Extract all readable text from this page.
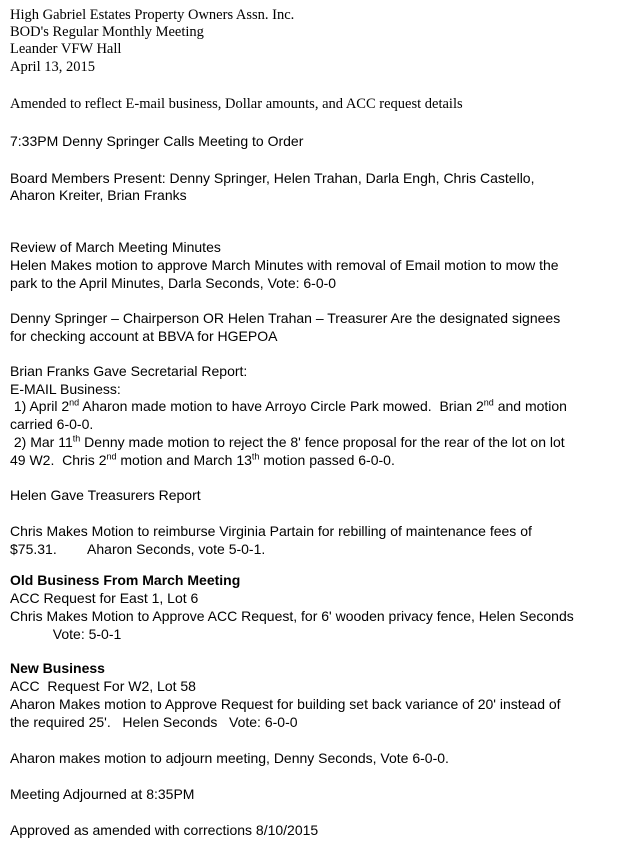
High Gabriel Estates Property Owners Assn. Inc.
BOD's Regular Monthly Meeting
Leander VFW Hall
April 13, 2015
Amended to reflect E-mail business, Dollar amounts, and ACC request details
7:33PM Denny Springer Calls Meeting to Order
Board Members Present: Denny Springer, Helen Trahan, Darla Engh, Chris Castello,
Aharon Kreiter, Brian Franks
Review of March Meeting Minutes
Helen Makes motion to approve March Minutes with removal of Email motion to mow the
park to the April Minutes, Darla Seconds, Vote: 6-0-0
Denny Springer – Chairperson OR Helen Trahan – Treasurer Are the designated signees
for checking account at BBVA for HGEPOA
Brian Franks Gave Secretarial Report:
E-MAIL Business:
1) April 2nd Aharon made motion to have Arroyo Circle Park mowed.  Brian 2nd and motion
carried 6-0-0.
2) Mar 11th Denny made motion to reject the 8' fence proposal for the rear of the lot on lot
49 W2.  Chris 2nd motion and March 13th motion passed 6-0-0.
Helen Gave Treasurers Report
Chris Makes Motion to reimburse Virginia Partain for rebilling of maintenance fees of
$75.31.        Aharon Seconds, vote 5-0-1.
Old Business From March Meeting
ACC Request for East 1, Lot 6
Chris Makes Motion to Approve ACC Request, for 6' wooden privacy fence, Helen Seconds
Vote: 5-0-1
New Business
ACC  Request For W2, Lot 58
Aharon Makes motion to Approve Request for building set back variance of 20' instead of
the required 25'.   Helen Seconds   Vote: 6-0-0
Aharon makes motion to adjourn meeting, Denny Seconds, Vote 6-0-0.
Meeting Adjourned at 8:35PM
Approved as amended with corrections 8/10/2015
